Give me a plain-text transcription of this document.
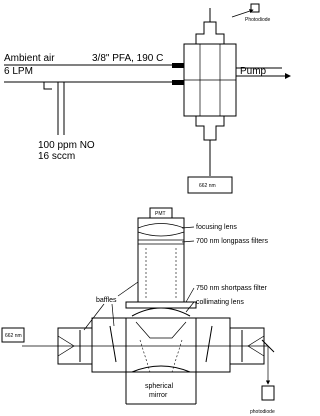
Photodiode
662 nm
Ambient air
6 LPM
3/8" PFA, 190 C
Pump
100 ppm NO
16 sccm
PMT
662 nm
photodiode
focusing lens
700 nm longpass filters
750 nm shortpass filter
collimating lens
baffles
spherical
mirror
